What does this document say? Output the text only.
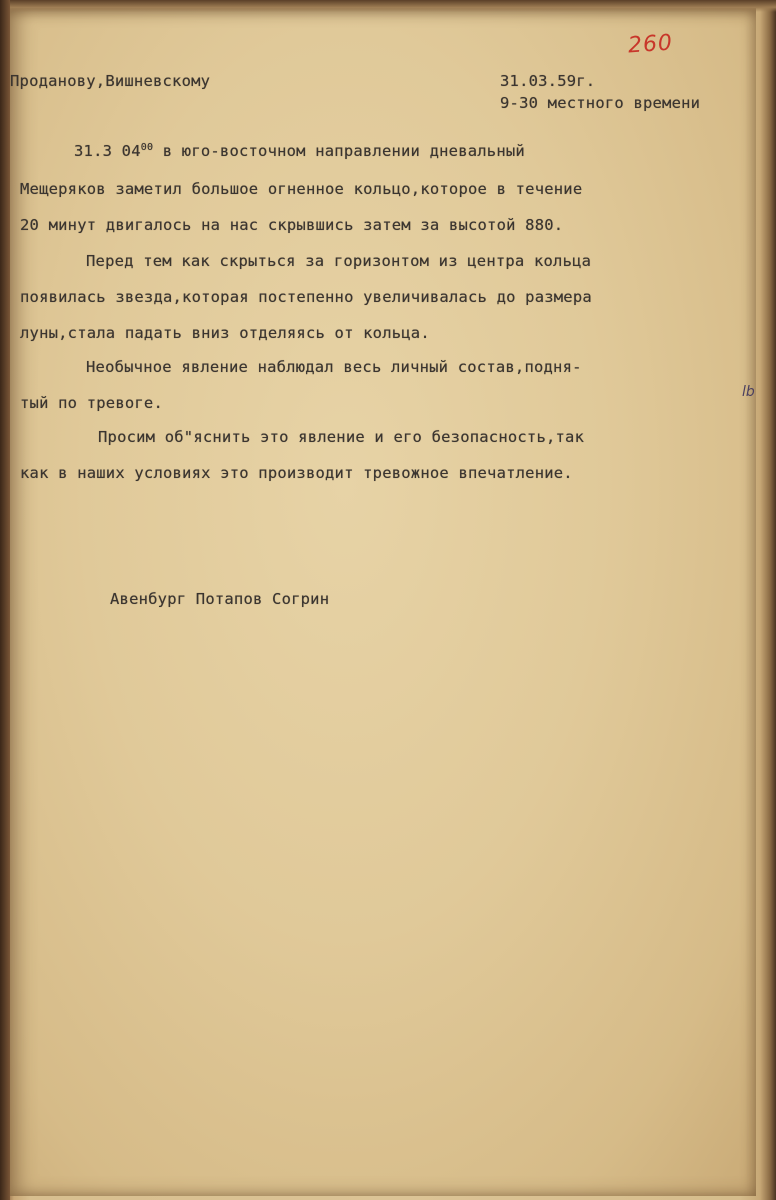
260
Проданову,Вишневскому	31.03.59г.
9-30 местного времени
31.3 $04^{00}$ в юго-восточном направлении дневальный
Мещеряков заметил большое огненное кольцо,которое в течение
20 минут двигалось на нас скрывшись затем за высотой 880.
Перед тем как скрыться за горизонтом из центра кольца
появилась звезда,которая постепенно увеличивалась до размера
луны,стала падать вниз отделяясь от кольца.
Необычное явление наблюдал весь личный состав,подня-
тый по тревоге.
lb
Просим об"яснить это явление и его безопасность,так
как в наших условиях это производит тревожное впечатление.
Авенбург Потапов Согрин
